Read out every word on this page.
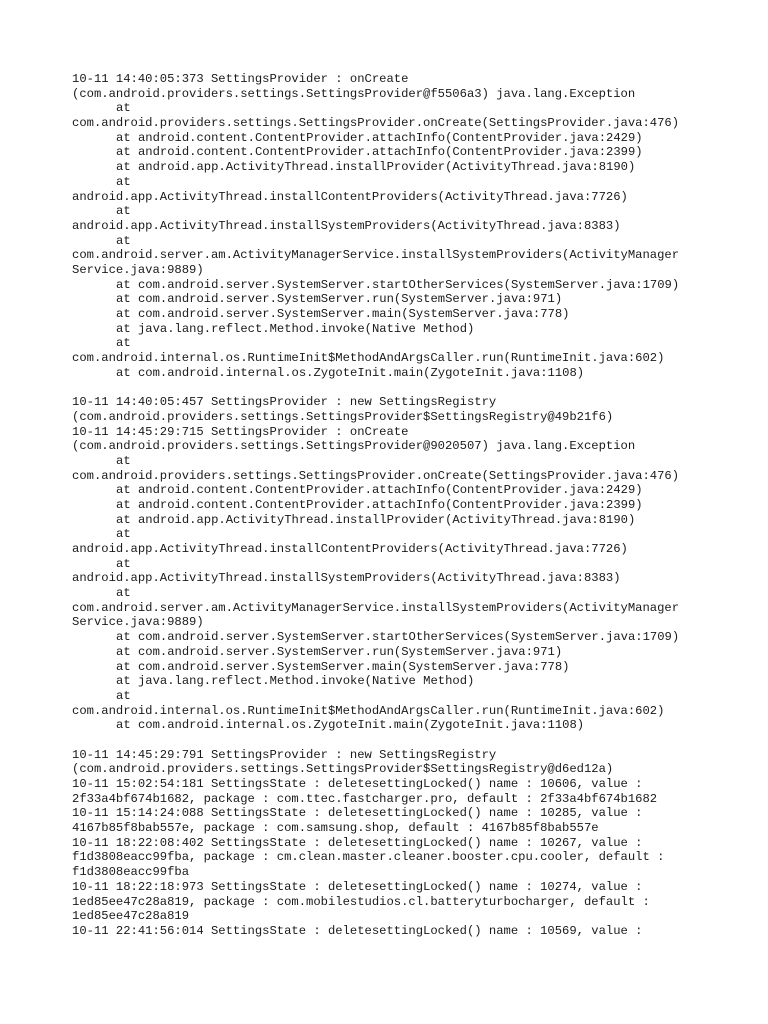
10-11 14:40:05:373 SettingsProvider : onCreate
(com.android.providers.settings.SettingsProvider@f5506a3) java.lang.Exception
at
com.android.providers.settings.SettingsProvider.onCreate(SettingsProvider.java:476)
at android.content.ContentProvider.attachInfo(ContentProvider.java:2429)
at android.content.ContentProvider.attachInfo(ContentProvider.java:2399)
at android.app.ActivityThread.installProvider(ActivityThread.java:8190)
at
android.app.ActivityThread.installContentProviders(ActivityThread.java:7726)
at
android.app.ActivityThread.installSystemProviders(ActivityThread.java:8383)
at
com.android.server.am.ActivityManagerService.installSystemProviders(ActivityManager
Service.java:9889)
at com.android.server.SystemServer.startOtherServices(SystemServer.java:1709)
at com.android.server.SystemServer.run(SystemServer.java:971)
at com.android.server.SystemServer.main(SystemServer.java:778)
at java.lang.reflect.Method.invoke(Native Method)
at
com.android.internal.os.RuntimeInit$MethodAndArgsCaller.run(RuntimeInit.java:602)
at com.android.internal.os.ZygoteInit.main(ZygoteInit.java:1108)
10-11 14:40:05:457 SettingsProvider : new SettingsRegistry
(com.android.providers.settings.SettingsProvider$SettingsRegistry@49b21f6)
10-11 14:45:29:715 SettingsProvider : onCreate
(com.android.providers.settings.SettingsProvider@9020507) java.lang.Exception
at
com.android.providers.settings.SettingsProvider.onCreate(SettingsProvider.java:476)
at android.content.ContentProvider.attachInfo(ContentProvider.java:2429)
at android.content.ContentProvider.attachInfo(ContentProvider.java:2399)
at android.app.ActivityThread.installProvider(ActivityThread.java:8190)
at
android.app.ActivityThread.installContentProviders(ActivityThread.java:7726)
at
android.app.ActivityThread.installSystemProviders(ActivityThread.java:8383)
at
com.android.server.am.ActivityManagerService.installSystemProviders(ActivityManager
Service.java:9889)
at com.android.server.SystemServer.startOtherServices(SystemServer.java:1709)
at com.android.server.SystemServer.run(SystemServer.java:971)
at com.android.server.SystemServer.main(SystemServer.java:778)
at java.lang.reflect.Method.invoke(Native Method)
at
com.android.internal.os.RuntimeInit$MethodAndArgsCaller.run(RuntimeInit.java:602)
at com.android.internal.os.ZygoteInit.main(ZygoteInit.java:1108)
10-11 14:45:29:791 SettingsProvider : new SettingsRegistry
(com.android.providers.settings.SettingsProvider$SettingsRegistry@d6ed12a)
10-11 15:02:54:181 SettingsState : deletesettingLocked() name : 10606, value :
2f33a4bf674b1682, package : com.ttec.fastcharger.pro, default : 2f33a4bf674b1682
10-11 15:14:24:088 SettingsState : deletesettingLocked() name : 10285, value :
4167b85f8bab557e, package : com.samsung.shop, default : 4167b85f8bab557e
10-11 18:22:08:402 SettingsState : deletesettingLocked() name : 10267, value :
f1d3808eacc99fba, package : cm.clean.master.cleaner.booster.cpu.cooler, default :
f1d3808eacc99fba
10-11 18:22:18:973 SettingsState : deletesettingLocked() name : 10274, value :
1ed85ee47c28a819, package : com.mobilestudios.cl.batteryturbocharger, default :
1ed85ee47c28a819
10-11 22:41:56:014 SettingsState : deletesettingLocked() name : 10569, value :
